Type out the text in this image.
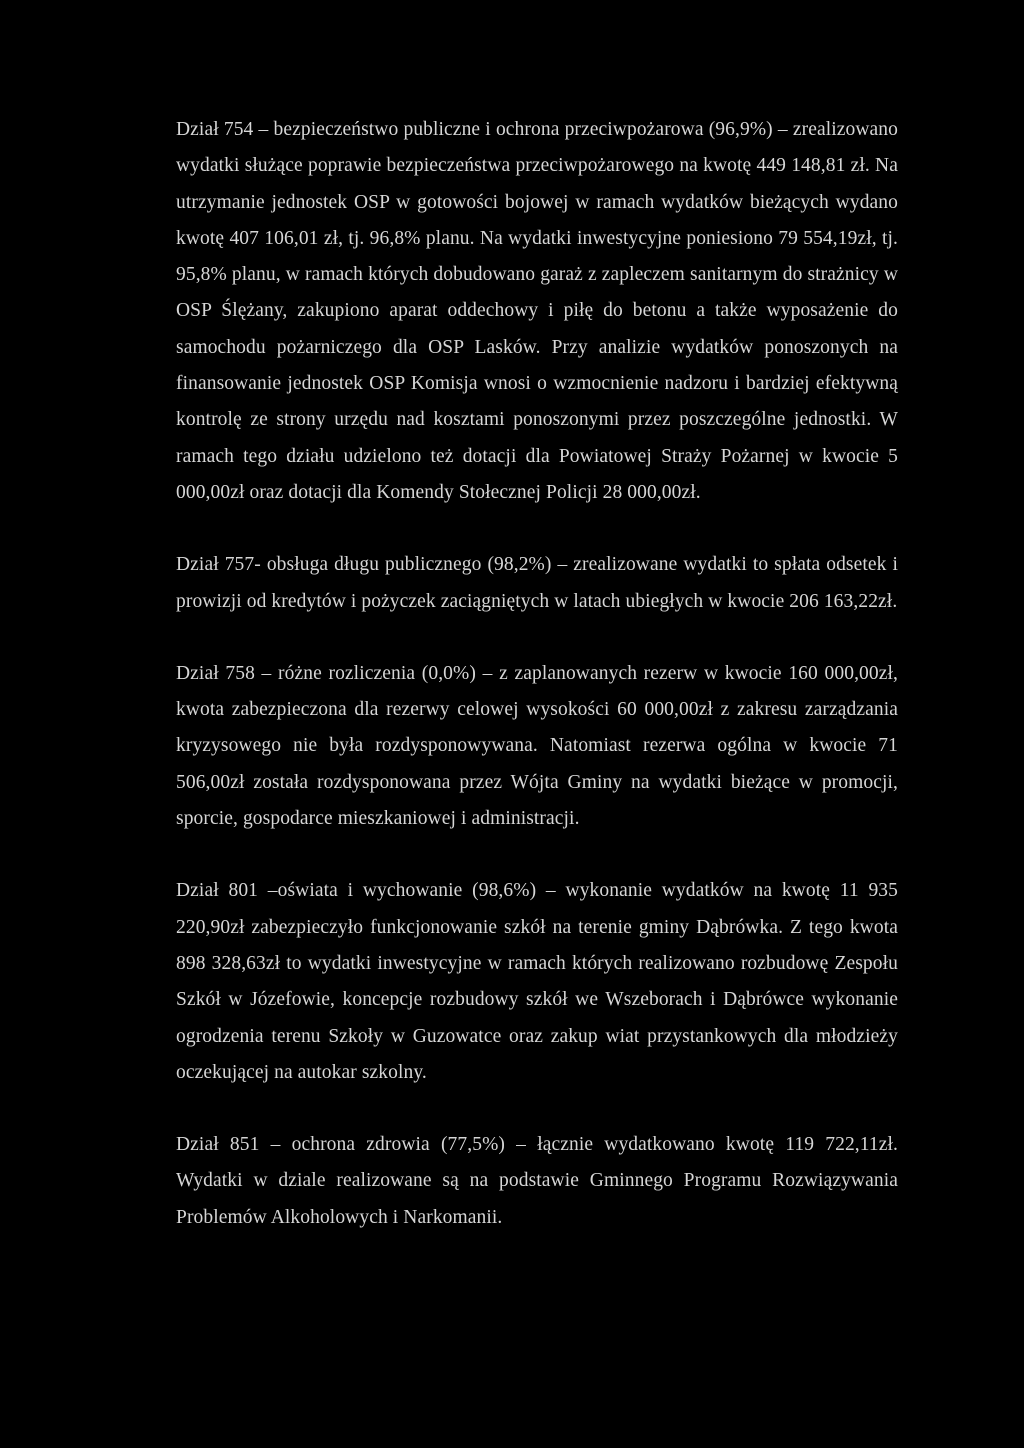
Dział 754 – bezpieczeństwo publiczne i ochrona przeciwpożarowa (96,9%) – zrealizowano wydatki służące poprawie bezpieczeństwa przeciwpożarowego na kwotę 449 148,81 zł. Na utrzymanie jednostek OSP w gotowości bojowej w ramach wydatków bieżących wydano kwotę 407 106,01 zł, tj. 96,8% planu. Na wydatki inwestycyjne poniesiono 79 554,19zł, tj. 95,8% planu, w ramach których dobudowano garaż z zapleczem sanitarnym do strażnicy w OSP Ślężany, zakupiono aparat oddechowy i piłę do betonu a także wyposażenie do samochodu pożarniczego dla OSP Lasków. Przy analizie wydatków ponoszonych na finansowanie jednostek OSP Komisja wnosi o wzmocnienie nadzoru i bardziej efektywną kontrolę ze strony urzędu nad kosztami ponoszonymi przez poszczególne jednostki. W ramach tego działu udzielono też dotacji dla Powiatowej Straży Pożarnej w kwocie 5 000,00zł oraz dotacji dla Komendy Stołecznej Policji 28 000,00zł.

Dział 757- obsługa długu publicznego (98,2%) – zrealizowane wydatki to spłata odsetek i prowizji od kredytów i pożyczek zaciągniętych w latach ubiegłych w kwocie 206 163,22zł.

Dział 758 – różne rozliczenia (0,0%) – z zaplanowanych rezerw w kwocie 160 000,00zł, kwota zabezpieczona dla rezerwy celowej wysokości 60 000,00zł z zakresu zarządzania kryzysowego nie była rozdysponowywana. Natomiast rezerwa ogólna w kwocie 71 506,00zł została rozdysponowana przez Wójta Gminy na wydatki bieżące w promocji, sporcie, gospodarce mieszkaniowej i administracji.

Dział 801 –oświata i wychowanie (98,6%) – wykonanie wydatków na kwotę 11 935 220,90zł zabezpieczyło funkcjonowanie szkół na terenie gminy Dąbrówka. Z tego kwota 898 328,63zł to wydatki inwestycyjne w ramach których realizowano rozbudowę Zespołu Szkół w Józefowie, koncepcje rozbudowy szkół we Wszeborach i Dąbrówce wykonanie ogrodzenia terenu Szkoły w Guzowatce oraz zakup wiat przystankowych dla młodzieży oczekującej na autokar szkolny.

Dział 851 – ochrona zdrowia (77,5%) – łącznie wydatkowano kwotę 119 722,11zł. Wydatki w dziale realizowane są na podstawie Gminnego Programu Rozwiązywania Problemów Alkoholowych i Narkomanii.
